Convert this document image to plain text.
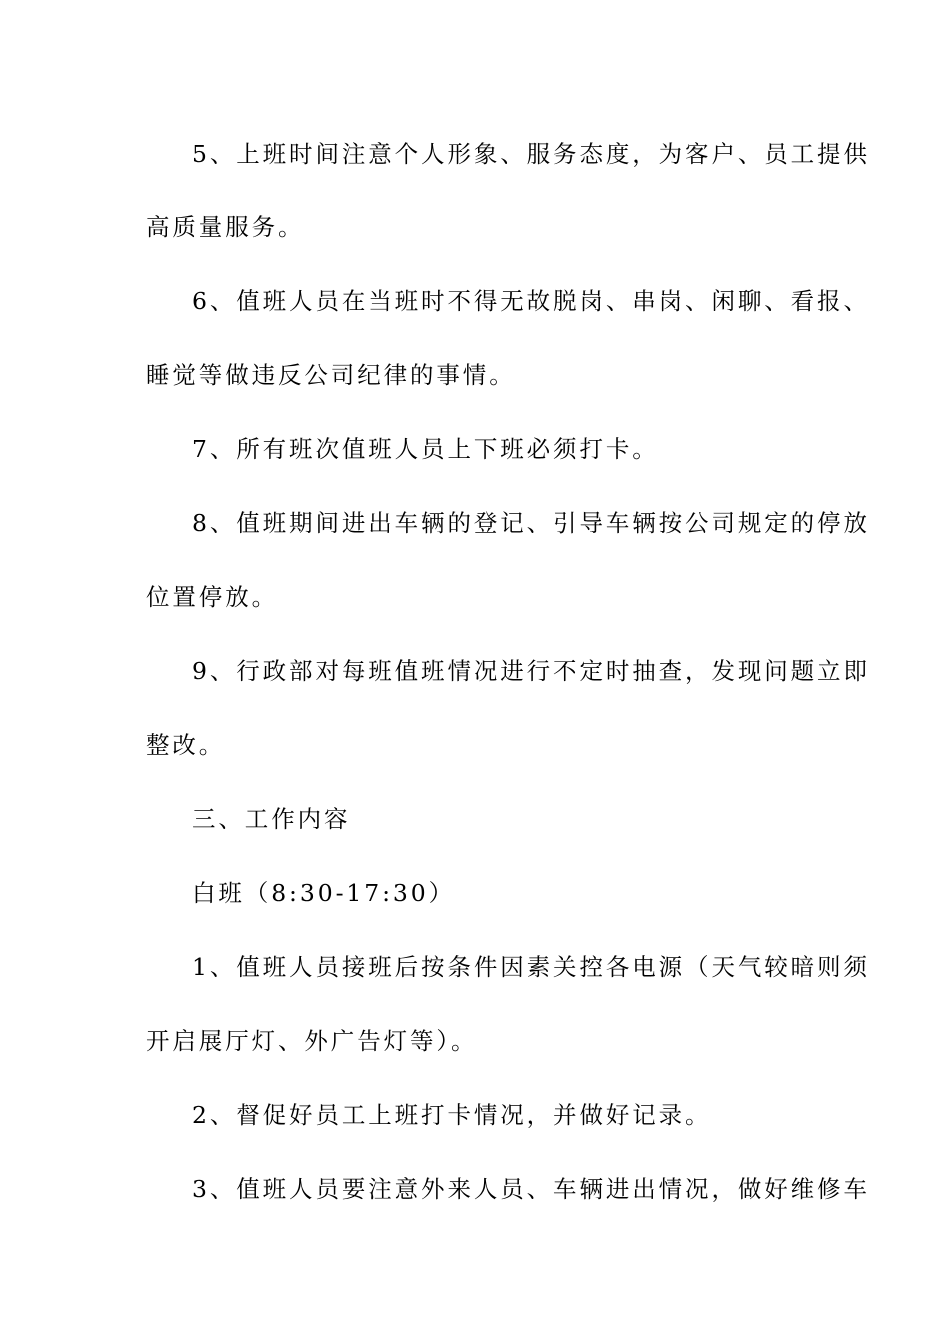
5、上班时间注意个人形象、服务态度，为客户、员工提供
高质量服务。
6、值班人员在当班时不得无故脱岗、串岗、闲聊、看报、
睡觉等做违反公司纪律的事情。
7、所有班次值班人员上下班必须打卡。
8、值班期间进出车辆的登记、引导车辆按公司规定的停放
位置停放。
9、行政部对每班值班情况进行不定时抽查，发现问题立即
整改。
三、工作内容
白班（8:30-17:30）
1、值班人员接班后按条件因素关控各电源（天气较暗则须
开启展厅灯、外广告灯等）。
2、督促好员工上班打卡情况，并做好记录。
3、值班人员要注意外来人员、车辆进出情况，做好维修车
